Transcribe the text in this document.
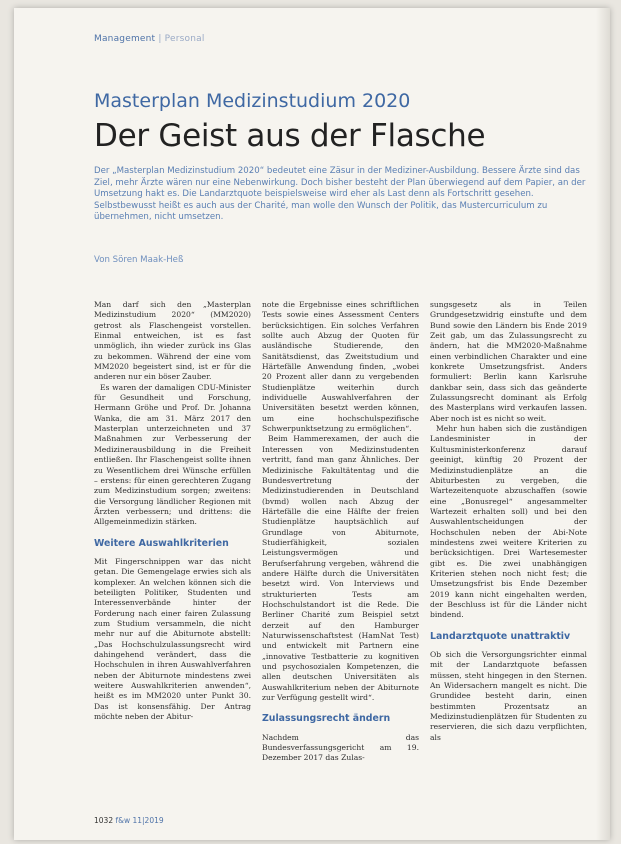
Management | Personal
Masterplan Medizinstudium 2020
Der Geist aus der Flasche

Der „Masterplan Medizinstudium 2020“ bedeutet eine Zäsur in der Mediziner-Ausbildung. Bessere Ärzte sind das Ziel, mehr Ärzte wären nur eine Nebenwirkung. Doch bisher besteht der Plan überwiegend auf dem Papier, an der Umsetzung hakt es. Die Landarztquote beispielsweise wird eher als Last denn als Fortschritt gesehen. Selbstbewusst heißt es auch aus der Charité, man wolle den Wunsch der Politik, das Mustercurriculum zu übernehmen, nicht umsetzen.

Von Sören Maak-Heß

Man darf sich den „Masterplan Medizinstudium 2020“ (MM2020) getrost als Flaschengeist vorstellen. Einmal entweichen, ist es fast unmöglich, ihn wieder zurück ins Glas zu bekommen. Während der eine vom MM2020 begeistert sind, ist er für die anderen nur ein böser Zauber.

Es waren der damaligen CDU-Minister für Gesundheit und Forschung, Hermann Gröhe und Prof. Dr. Johanna Wanka, die am 31. März 2017 den Masterplan unterzeichneten und 37 Maßnahmen zur Verbesserung der Medizinerausbildung in die Freiheit entließen. Ihr Flaschengeist sollte ihnen zu Wesentlichem drei Wünsche erfüllen – erstens: für einen gerechteren Zugang zum Medizinstudium sorgen; zweitens: die Versorgung ländlicher Regionen mit Ärzten verbessern; und drittens: die Allgemeinmedizin stärken.

Weitere Auswahlkriterien

Mit Fingerschnippen war das nicht getan. Die Gemengelage erwies sich als komplexer. An welchen können sich die beteiligten Politiker, Studenten und Interessenverbände hinter der Forderung nach einer fairen Zulassung zum Studium versammeln, die nicht mehr nur auf die Abiturnote abstellt: „Das Hochschulzulassungsrecht wird dahingehend verändert, dass die Hochschulen in ihren Auswahlverfahren neben der Abiturnote mindestens zwei weitere Auswahlkriterien anwenden“, heißt es im MM2020 unter Punkt 30. Das ist konsensfähig. Der Antrag möchte neben der Abitur-

note die Ergebnisse eines schriftlichen Tests sowie eines Assessment Centers berücksichtigen. Ein solches Verfahren sollte auch Abzug der Quoten für ausländische Studierende, den Sanitätsdienst, das Zweitstudium und Härtefälle Anwendung finden, „wobei 20 Prozent aller dann zu vergebenden Studienplätze weiterhin durch individuelle Auswahlverfahren der Universitäten besetzt werden können, um eine hochschulspezifische Schwerpunktsetzung zu ermöglichen“.

Beim Hammerexamen, der auch die Interessen von Medizinstudenten vertritt, fand man ganz Ähnliches. Der Medizinische Fakultätentag und die Bundesvertretung der Medizinstudierenden in Deutschland (bvmd) wollen nach Abzug der Härtefälle die eine Hälfte der freien Studienplätze hauptsächlich auf Grundlage von Abiturnote, Studierfähigkeit, sozialen Leistungsvermögen und Berufserfahrung vergeben, während die andere Hälfte durch die Universitäten besetzt wird. Von Interviews und strukturierten Tests am Hochschulstandort ist die Rede. Die Berliner Charité zum Beispiel setzt derzeit auf den Hamburger Naturwissenschaftstest (HamNat Test) und entwickelt mit Partnern eine „innovative Testbatterie zu kognitiven und psychosozialen Kompetenzen, die allen deutschen Universitäten als Auswahlkriterium neben der Abiturnote zur Verfügung gestellt wird“.

Zulassungsrecht ändern

Nachdem das Bundesverfassungsgericht am 19. Dezember 2017 das Zulas-

sungsgesetz als in Teilen Grundgesetzwidrig einstufte und dem Bund sowie den Ländern bis Ende 2019 Zeit gab, um das Zulassungsrecht zu ändern, hat die MM2020-Maßnahme einen verbindlichen Charakter und eine konkrete Umsetzungsfrist. Anders formuliert: Berlin kann Karlsruhe dankbar sein, dass sich das geänderte Zulassungsrecht dominant als Erfolg des Masterplans wird verkaufen lassen. Aber noch ist es nicht so weit.

Mehr hun haben sich die zuständigen Landesminister in der Kultusministerkonferenz darauf geeinigt, künftig 20 Prozent der Medizinstudienplätze an die Abiturbesten zu vergeben, die Wartezeitenquote abzuschaffen (sowie eine „Bonusregel“ angesammelter Wartezeit erhalten soll) und bei den Auswahlentscheidungen der Hochschulen neben der Abi-Note mindestens zwei weitere Kriterien zu berücksichtigen. Drei Wartesemester gibt es. Die zwei unabhängigen Kriterien stehen noch nicht fest; die Umsetzungsfrist bis Ende Dezember 2019 kann nicht eingehalten werden, der Beschluss ist für die Länder nicht bindend.

Landarztquote unattraktiv

Ob sich die Versorgungsrichter einmal mit der Landarztquote befassen müssen, steht hingegen in den Sternen. An Widersachern mangelt es nicht. Die Grundidee besteht darin, einen bestimmten Prozentsatz an Medizinstudienplätzen für Studenten zu reservieren, die sich dazu verpflichten, als

1032 f&w 11|2019
